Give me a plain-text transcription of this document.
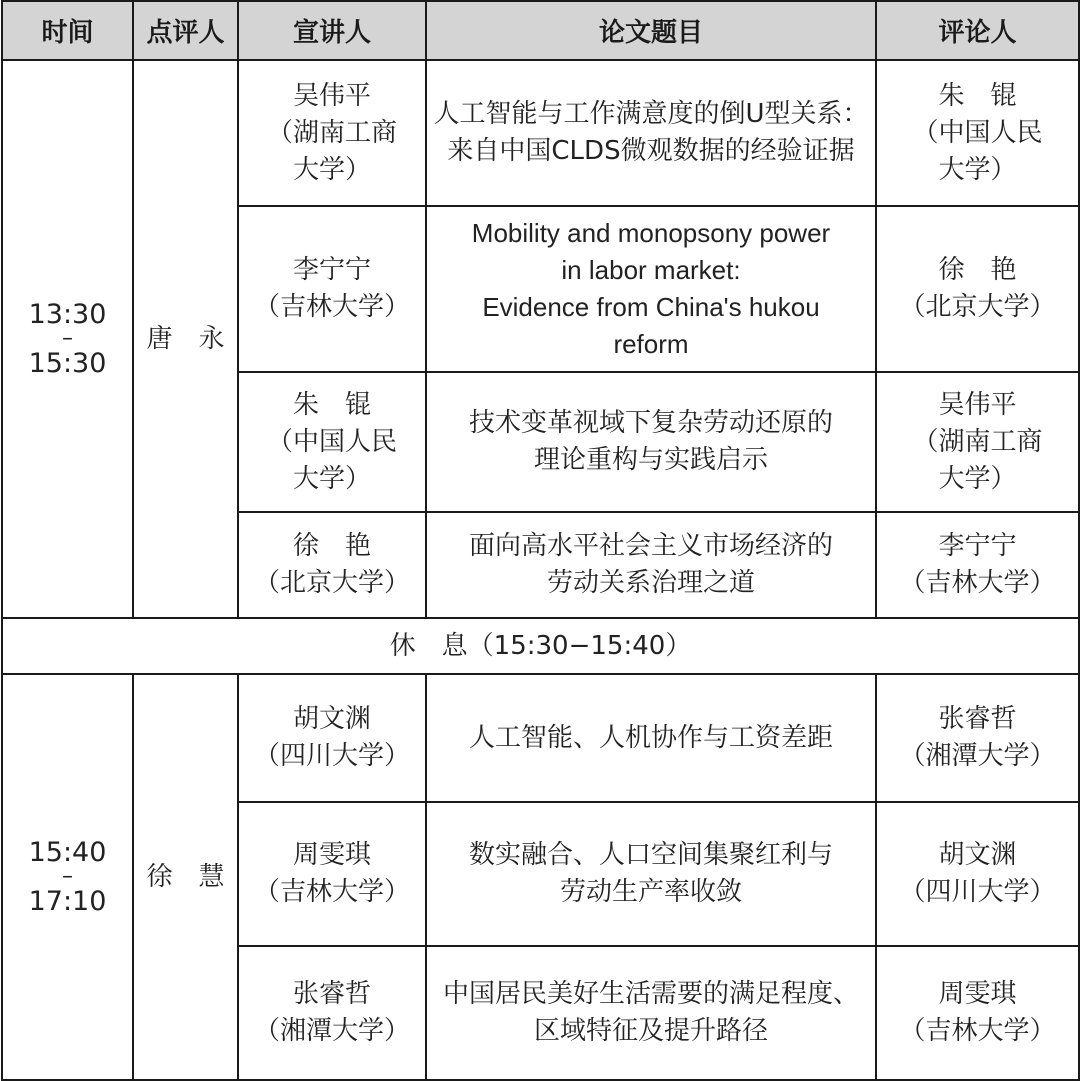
时间	点评人	宣讲人	论文题目	评论人

13:30
–
15:30	唐　永	吴伟平
（湖南工商
大学）	人工智能与工作满意度的倒U型关系：
来自中国CLDS微观数据的经验证据	朱　锟
（中国人民
大学）

		李宁宁
（吉林大学）	Mobility and monopsony power
in labor market:
Evidence from China's hukou
reform	徐　艳
（北京大学）

		朱　锟
（中国人民
大学）	技术变革视域下复杂劳动还原的
理论重构与实践启示	吴伟平
（湖南工商
大学）

		徐　艳
（北京大学）	面向高水平社会主义市场经济的
劳动关系治理之道	李宁宁
（吉林大学）

休　息（15:30−15:40）				

15:40
–
17:10	徐　慧	胡文渊
（四川大学）	人工智能、人机协作与工资差距	张睿哲
（湘潭大学）

		周雯琪
（吉林大学）	数实融合、人口空间集聚红利与
劳动生产率收敛	胡文渊
（四川大学）

		张睿哲
（湘潭大学）	中国居民美好生活需要的满足程度、
区域特征及提升路径	周雯琪
（吉林大学）
